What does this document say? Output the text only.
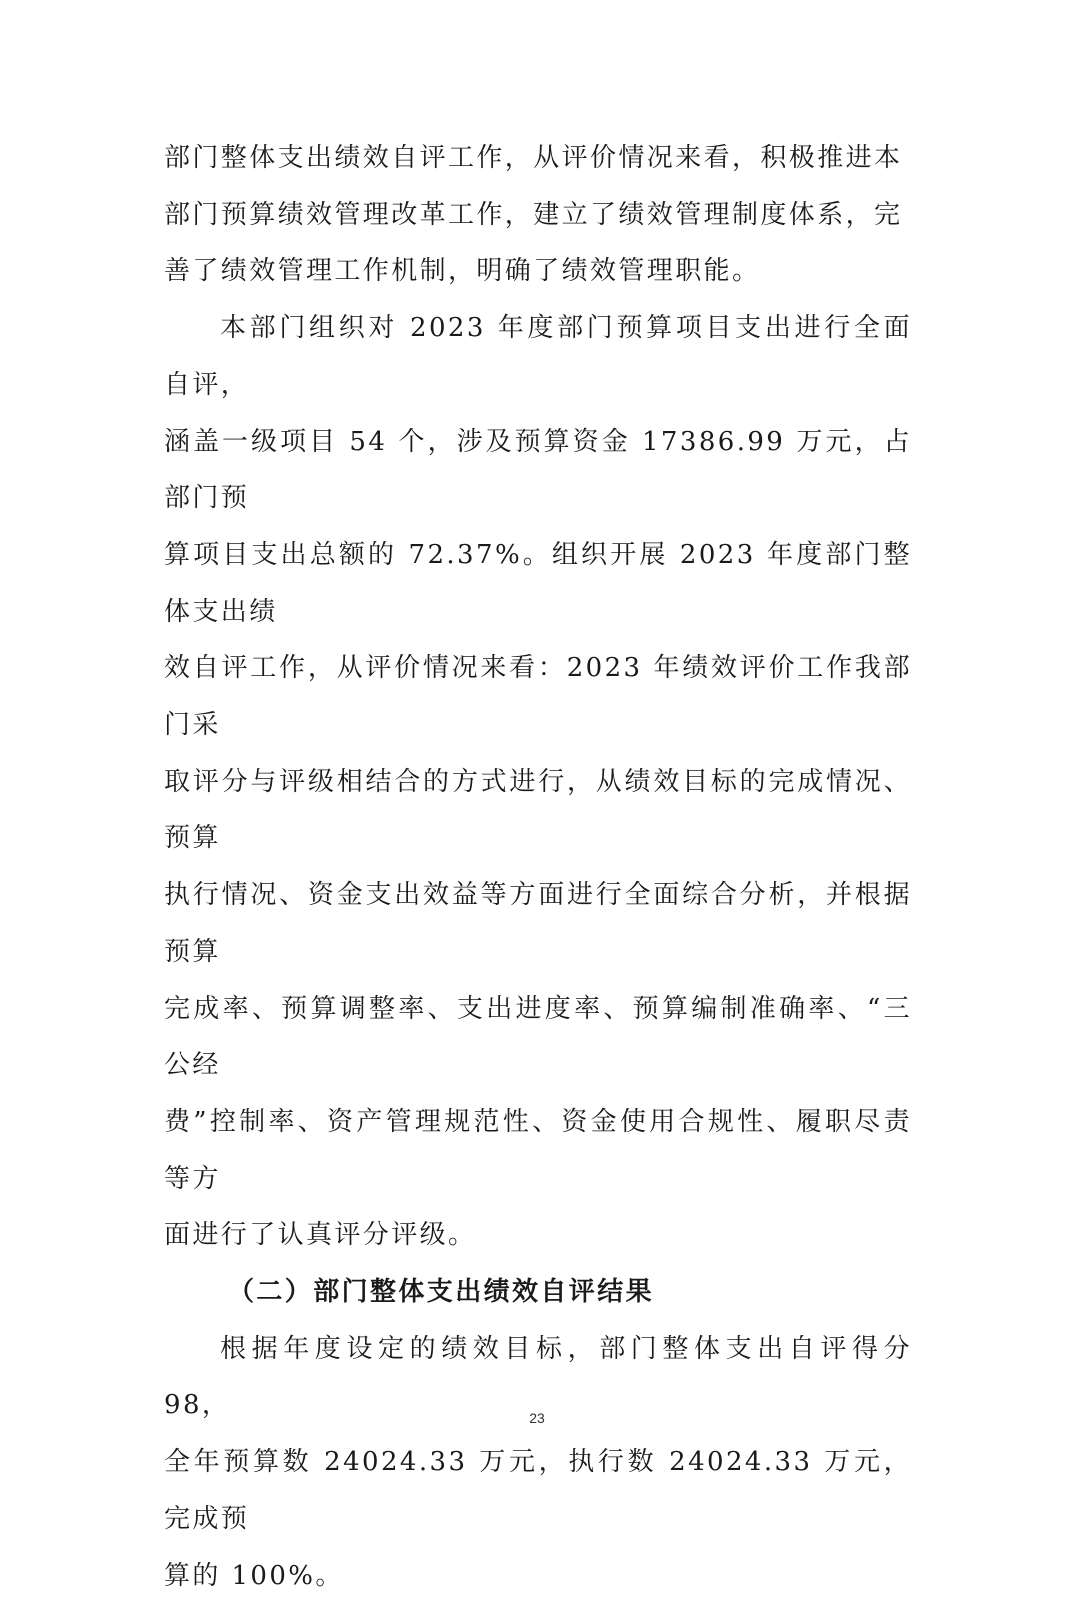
部门整体支出绩效自评工作，从评价情况来看，积极推进本
部门预算绩效管理改革工作，建立了绩效管理制度体系，完
善了绩效管理工作机制，明确了绩效管理职能。

本部门组织对 2023 年度部门预算项目支出进行全面自评，
涵盖一级项目 54 个，涉及预算资金 17386.99 万元，占部门预
算项目支出总额的 72.37%。组织开展 2023 年度部门整体支出绩
效自评工作，从评价情况来看：2023 年绩效评价工作我部门采
取评分与评级相结合的方式进行，从绩效目标的完成情况、预算
执行情况、资金支出效益等方面进行全面综合分析，并根据预算
完成率、预算调整率、支出进度率、预算编制准确率、“三公经
费”控制率、资产管理规范性、资金使用合规性、履职尽责等方
面进行了认真评分评级。

（二）部门整体支出绩效自评结果

根据年度设定的绩效目标，部门整体支出自评得分 98，
全年预算数 24024.33 万元，执行数 24024.33 万元，完成预
算的 100%。

23
